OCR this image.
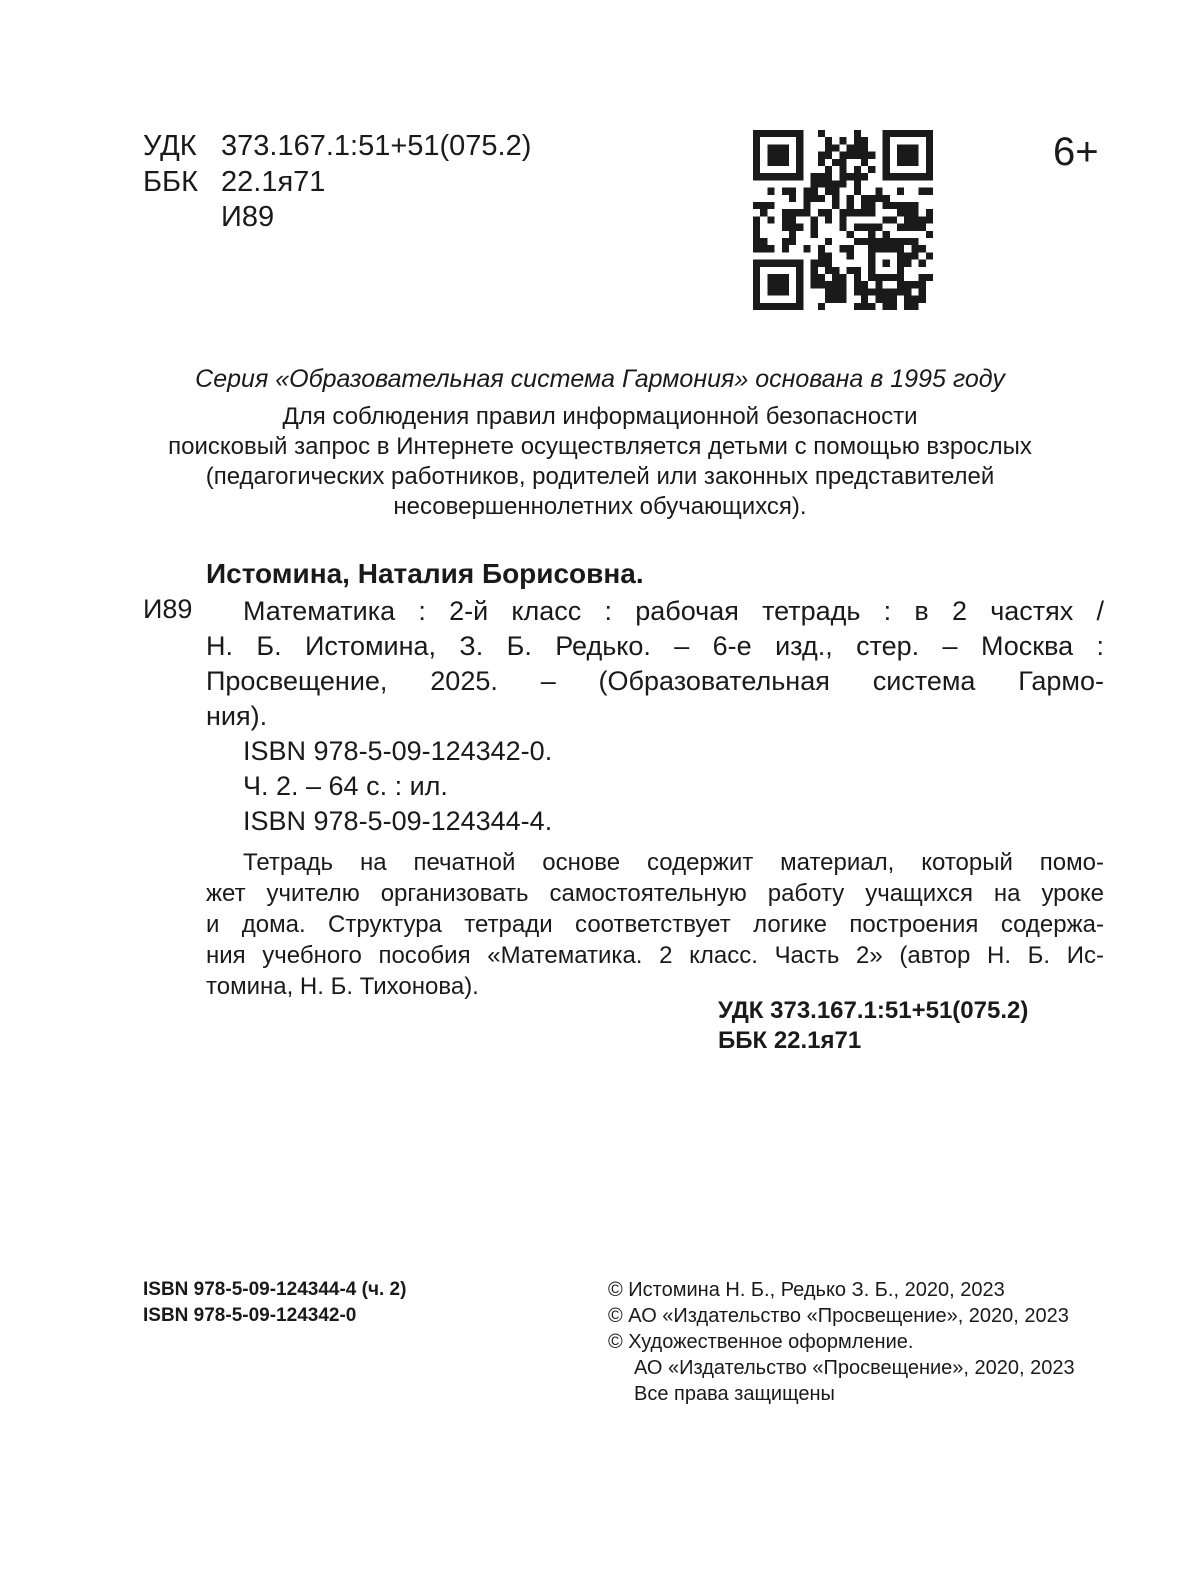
УДК 373.167.1:51+51(075.2)
ББК 22.1я71
И89
6+
Серия «Образовательная система Гармония» основана в 1995 году
Для соблюдения правил информационной безопасности
поисковый запрос в Интернете осуществляется детьми с помощью взрослых
(педагогических работников, родителей или законных представителей
несовершеннолетних обучающихся).
Истомина, Наталия Борисовна.
И89 Математика : 2-й класс : рабочая тетрадь : в 2 частях /
Н. Б. Истомина, З. Б. Редько. – 6-е изд., стер. – Москва :
Просвещение, 2025. – (Образовательная система Гармо-
ния).
ISBN 978-5-09-124342-0.
Ч. 2. – 64 с. : ил.
ISBN 978-5-09-124344-4.
Тетрадь на печатной основе содержит материал, который помо-
жет учителю организовать самостоятельную работу учащихся на уроке
и дома. Структура тетради соответствует логике построения содержа-
ния учебного пособия «Математика. 2 класс. Часть 2» (автор Н. Б. Ис-
томина, Н. Б. Тихонова).
УДК 373.167.1:51+51(075.2)
ББК 22.1я71
ISBN 978-5-09-124344-4 (ч. 2)
ISBN 978-5-09-124342-0
© Истомина Н. Б., Редько З. Б., 2020, 2023
© АО «Издательство «Просвещение», 2020, 2023
© Художественное оформление.
АО «Издательство «Просвещение», 2020, 2023
Все права защищены
